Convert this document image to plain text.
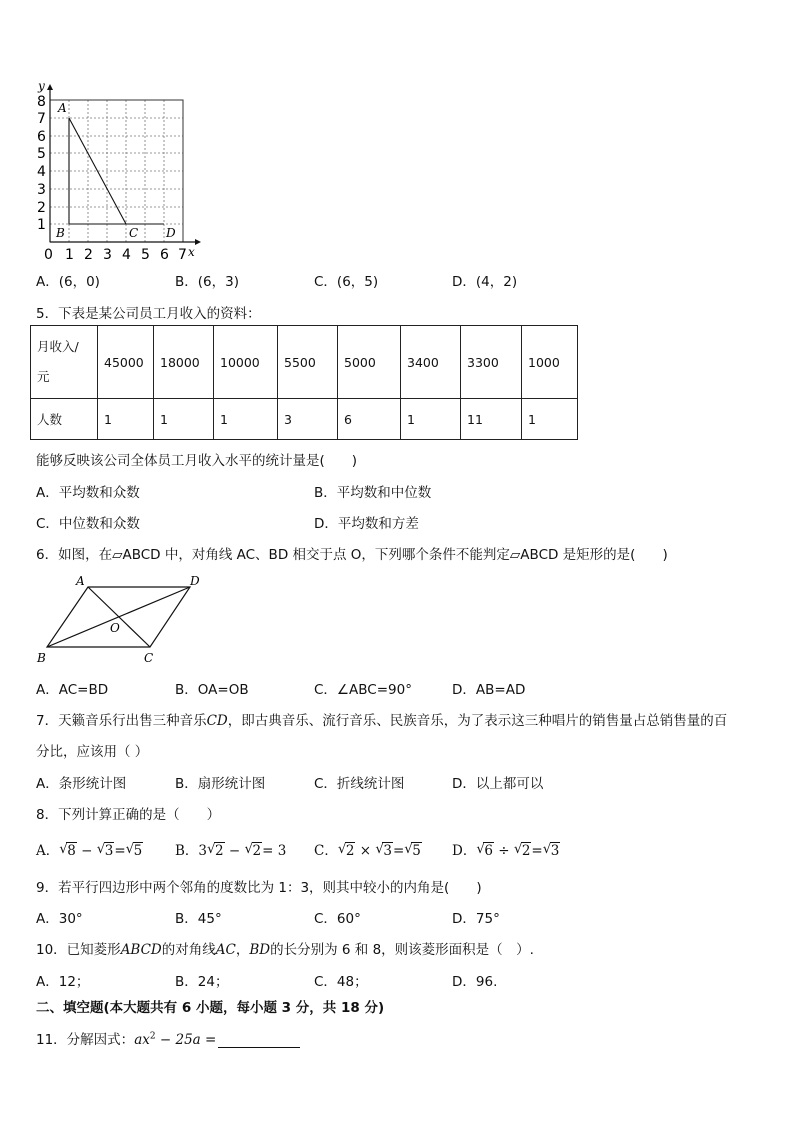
y
x
8
7
6
5
4
3
2
1
0 1 2 3 4 5 6 7
A
B	C D
A．(6，0)	B．(6，3)	C．(6，5)	D．(4，2)
5．下表是某公司员工月收入的资料：
月收入/
元	45000	18000	10000	5500	5000	3400	3300	1000
人数	1	1	1	3	6	1	11	1
能够反映该公司全体员工月收入水平的统计量是(　　)
A．平均数和众数	B．平均数和中位数
C．中位数和众数	D．平均数和方差
6．如图，在▱ABCD 中，对角线 AC、BD 相交于点 O，下列哪个条件不能判定▱ABCD 是矩形的是(　　)
A	D
B	C
O
A．AC=BD	B．OA=OB	C．∠ABC=90°	D．AB=AD
7．天籁音乐行出售三种音乐CD，即古典音乐、流行音乐、民族音乐，为了表示这三种唱片的销售量占总销售量的百
分比，应该用（ ）
A．条形统计图	B．扇形统计图	C．折线统计图	D．以上都可以
8．下列计算正确的是（　　）
A． √ 8 − √ 3= √ 5 B．3 √ 2 − √ 2= 3 C． √ 2 × √ 3= √ 5 D． √ 6 ÷ √ 2= √ 3
9．若平行四边形中两个邻角的度数比为 1：3，则其中较小的内角是(　　)
A．30°	B．45°	C．60°	D．75°
10．已知菱形ABCD的对角线AC，BD的长分别为 6 和 8，则该菱形面积是（　）.
A．12；	B．24；	C．48；	D．96.
二、填空题(本大题共有 6 小题，每小题 3 分，共 18 分)
11．分解因式：$ax^2 - 25a$ =
